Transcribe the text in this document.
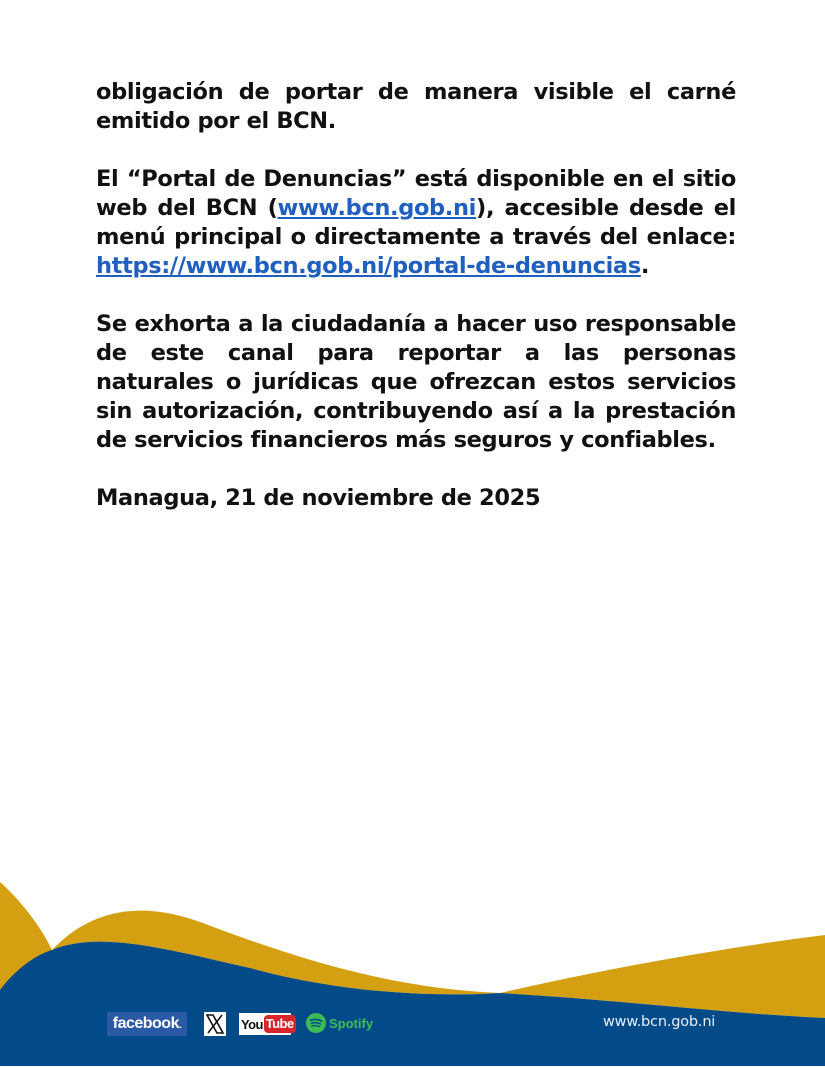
obligación de portar de manera visible el carné emitido por el BCN.

El “Portal de Denuncias” está disponible en el sitio web del BCN (www.bcn.gob.ni), accesible desde el menú principal o directamente a través del enlace: https://www.bcn.gob.ni/portal-de-denuncias.

Se exhorta a la ciudadanía a hacer uso responsable de este canal para reportar a las personas naturales o jurídicas que ofrezcan estos servicios sin autorización, contribuyendo así a la prestación de servicios financieros más seguros y confiables.

Managua, 21 de noviembre de 2025

facebook.	You Tube	Spotify	www.bcn.gob.ni
